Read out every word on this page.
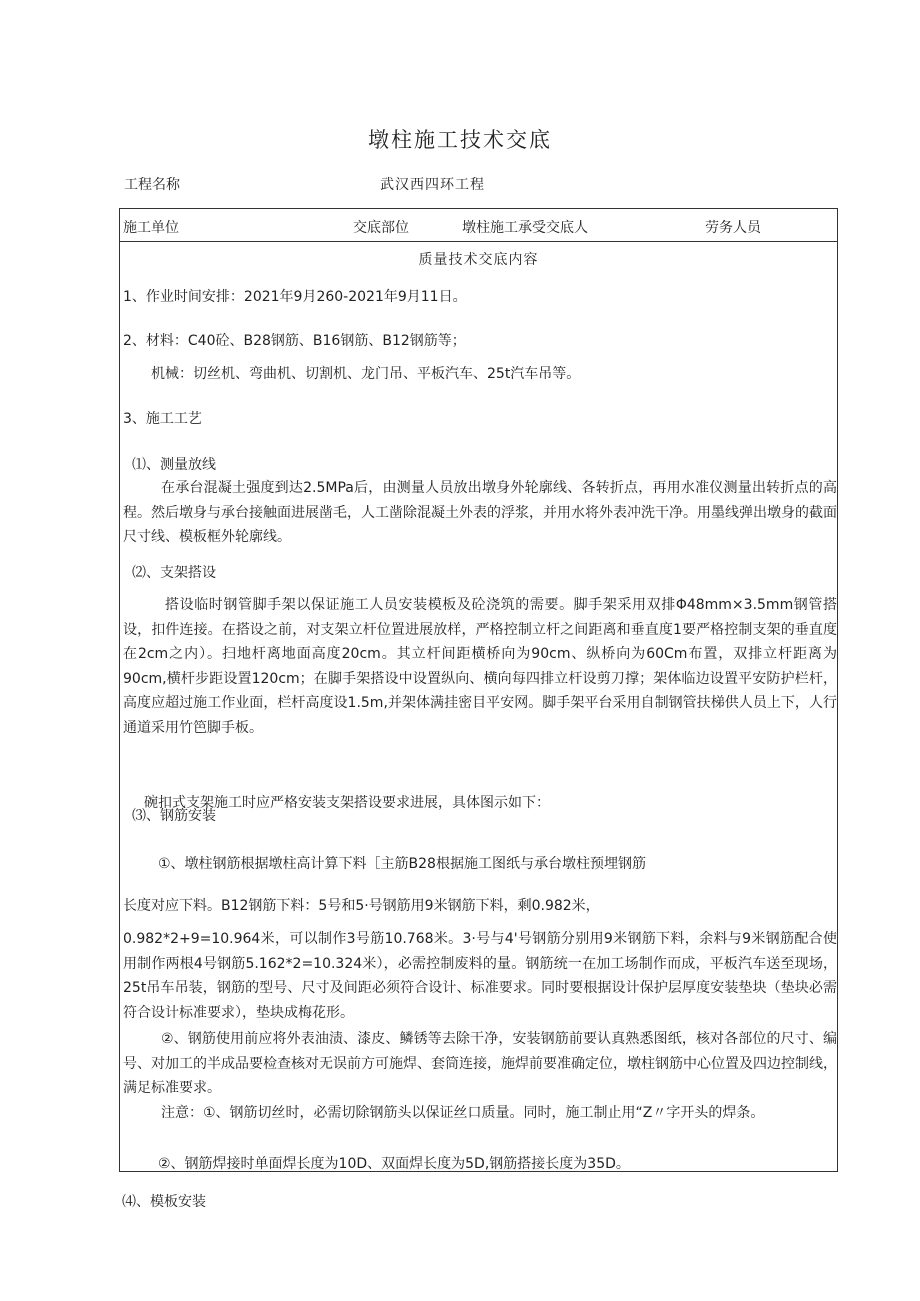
墩柱施工技术交底
工程名称	武汉西四环工程
施工单位	交底部位	墩柱施工承受交底人	劳务人员
质量技术交底内容
1、作业时间安排：2021年9月260-2021年9月11日。
2、材料：C40砼、B28钢筋、B16钢筋、B12钢筋等；
机械：切丝机、弯曲机、切割机、龙门吊、平板汽车、25t汽车吊等。
3、施工工艺
⑴、测量放线
在承台混凝土强度到达2.5MPa后，由测量人员放出墩身外轮廓线、各转折点，再用水准仪测量出转折点的高程。然后墩身与承台接触面进展凿毛，人工凿除混凝土外表的浮浆，并用水将外表冲洗干净。用墨线弹出墩身的截面尺寸线、模板框外轮廓线。
⑵、支架搭设
搭设临时钢管脚手架以保证施工人员安装模板及砼浇筑的需要。脚手架采用双排Φ48mm×3.5mm钢管搭设，扣件连接。在搭设之前，对支架立杆位置进展放样，严格控制立杆之间距离和垂直度1要严格控制支架的垂直度在2cm之内）。扫地杆离地面高度20cm。其立杆间距横桥向为90cm、纵桥向为60Cm布置，双排立杆距离为90cm,横杆步距设置120cm；在脚手架搭设中设置纵向、横向每四排立杆设剪刀撑；架体临边设置平安防护栏杆，高度应超过施工作业面，栏杆高度设1.5m,并架体满挂密目平安网。脚手架平台采用自制钢管扶梯供人员上下，人行通道采用竹笆脚手板。
碗扣式支架施工时应严格安装支架搭设要求进展，具体图示如下：
⑶、钢筋安装
①、墩柱钢筋根据墩柱高计算下料［主筋B28根据施工图纸与承台墩柱预埋钢筋
长度对应下料。B12钢筋下料：5号和5·号钢筋用9米钢筋下料，剩0.982米，
0.982*2+9=10.964米，可以制作3号筋10.768米。3·号与4'号钢筋分别用9米钢筋下料，余料与9米钢筋配合使用制作两根4号钢筋5.162*2=10.324米），必需控制废料的量。钢筋统一在加工场制作而成，平板汽车送至现场，25t吊车吊装，钢筋的型号、尺寸及间距必须符合设计、标准要求。同时要根据设计保护层厚度安装垫块（垫块必需符合设计标准要求），垫块成梅花形。
②、钢筋使用前应将外表油渍、漆皮、鳞锈等去除干净，安装钢筋前要认真熟悉图纸，核对各部位的尺寸、编号、对加工的半成品要检查核对无误前方可施焊、套筒连接，施焊前要准确定位，墩柱钢筋中心位置及四边控制线，满足标准要求。
注意：①、钢筋切丝时，必需切除钢筋头以保证丝口质量。同时，施工制止用“Z〃字开头的焊条。
②、钢筋焊接时单面焊长度为10D、双面焊长度为5D,钢筋搭接长度为35D。
⑷、模板安装
